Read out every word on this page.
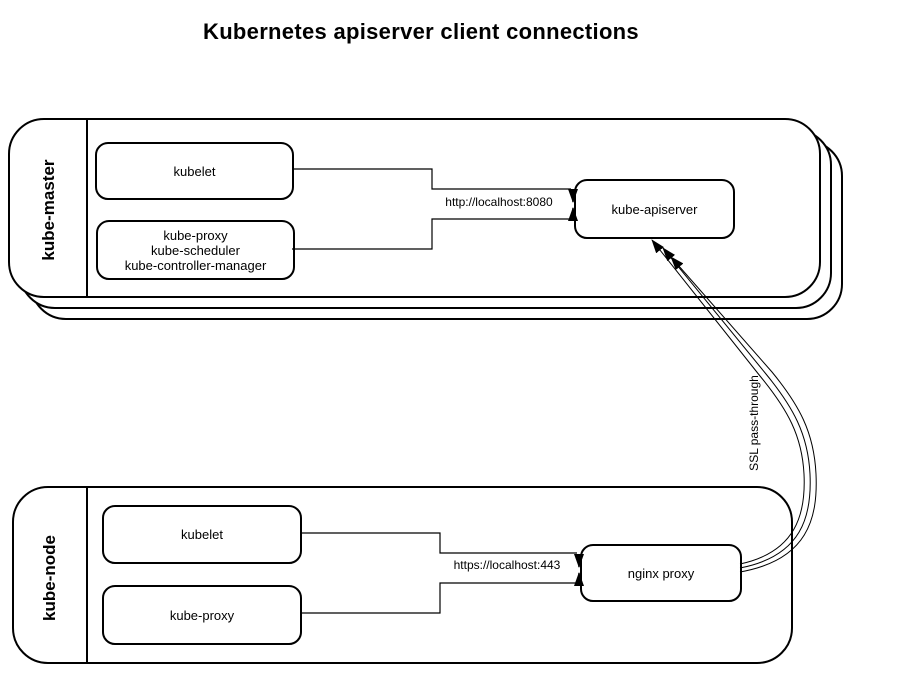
Kubernetes apiserver client connections
kube-master	kubelet
kube-proxy
kube-scheduler
kube-controller-manager
kube-apiserver
kube-node
kubelet
kube-proxy
nginx proxy
http://localhost:8080
https://localhost:443
SSL pass-through
